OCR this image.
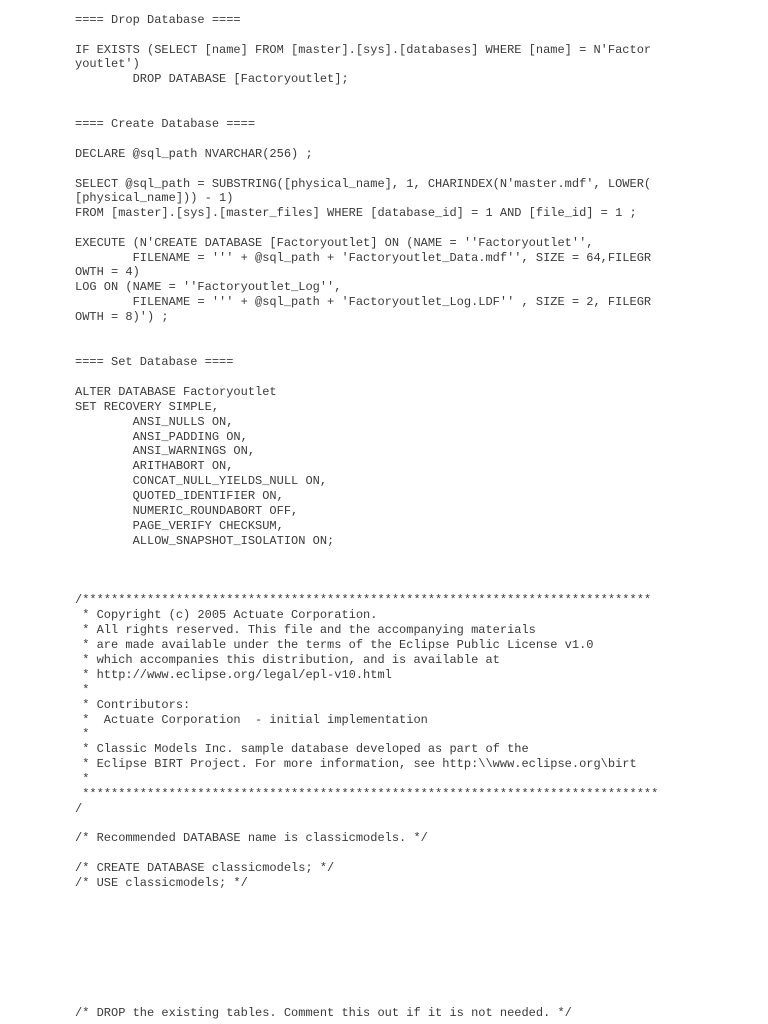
==== Drop Database ====

IF EXISTS (SELECT [name] FROM [master].[sys].[databases] WHERE [name] = N'Factor

youtlet')

DROP DATABASE [Factoryoutlet];

==== Create Database ====

DECLARE @sql_path NVARCHAR(256) ;

SELECT @sql_path = SUBSTRING([physical_name], 1, CHARINDEX(N'master.mdf', LOWER(

[physical_name])) - 1)

FROM [master].[sys].[master_files] WHERE [database_id] = 1 AND [file_id] = 1 ;

EXECUTE (N'CREATE DATABASE [Factoryoutlet] ON (NAME = ''Factoryoutlet'',

FILENAME = ''' + @sql_path + 'Factoryoutlet_Data.mdf'', SIZE = 64,FILEGR

OWTH = 4)

LOG ON (NAME = ''Factoryoutlet_Log'',

FILENAME = ''' + @sql_path + 'Factoryoutlet_Log.LDF'' , SIZE = 2, FILEGR

OWTH = 8)') ;

==== Set Database ====

ALTER DATABASE Factoryoutlet

SET RECOVERY SIMPLE,

ANSI_NULLS ON,

ANSI_PADDING ON,

ANSI_WARNINGS ON,

ARITHABORT ON,

CONCAT_NULL_YIELDS_NULL ON,

QUOTED_IDENTIFIER ON,

NUMERIC_ROUNDABORT OFF,

PAGE_VERIFY CHECKSUM,

ALLOW_SNAPSHOT_ISOLATION ON;

/*******************************************************************************

* Copyright (c) 2005 Actuate Corporation.

* All rights reserved. This file and the accompanying materials

* are made available under the terms of the Eclipse Public License v1.0

* which accompanies this distribution, and is available at

* http://www.eclipse.org/legal/epl-v10.html

*

* Contributors:

*  Actuate Corporation  - initial implementation

*

* Classic Models Inc. sample database developed as part of the

* Eclipse BIRT Project. For more information, see http:\\www.eclipse.org\birt

*

********************************************************************************

/

/* Recommended DATABASE name is classicmodels. */

/* CREATE DATABASE classicmodels; */

/* USE classicmodels; */

/* DROP the existing tables. Comment this out if it is not needed. */
